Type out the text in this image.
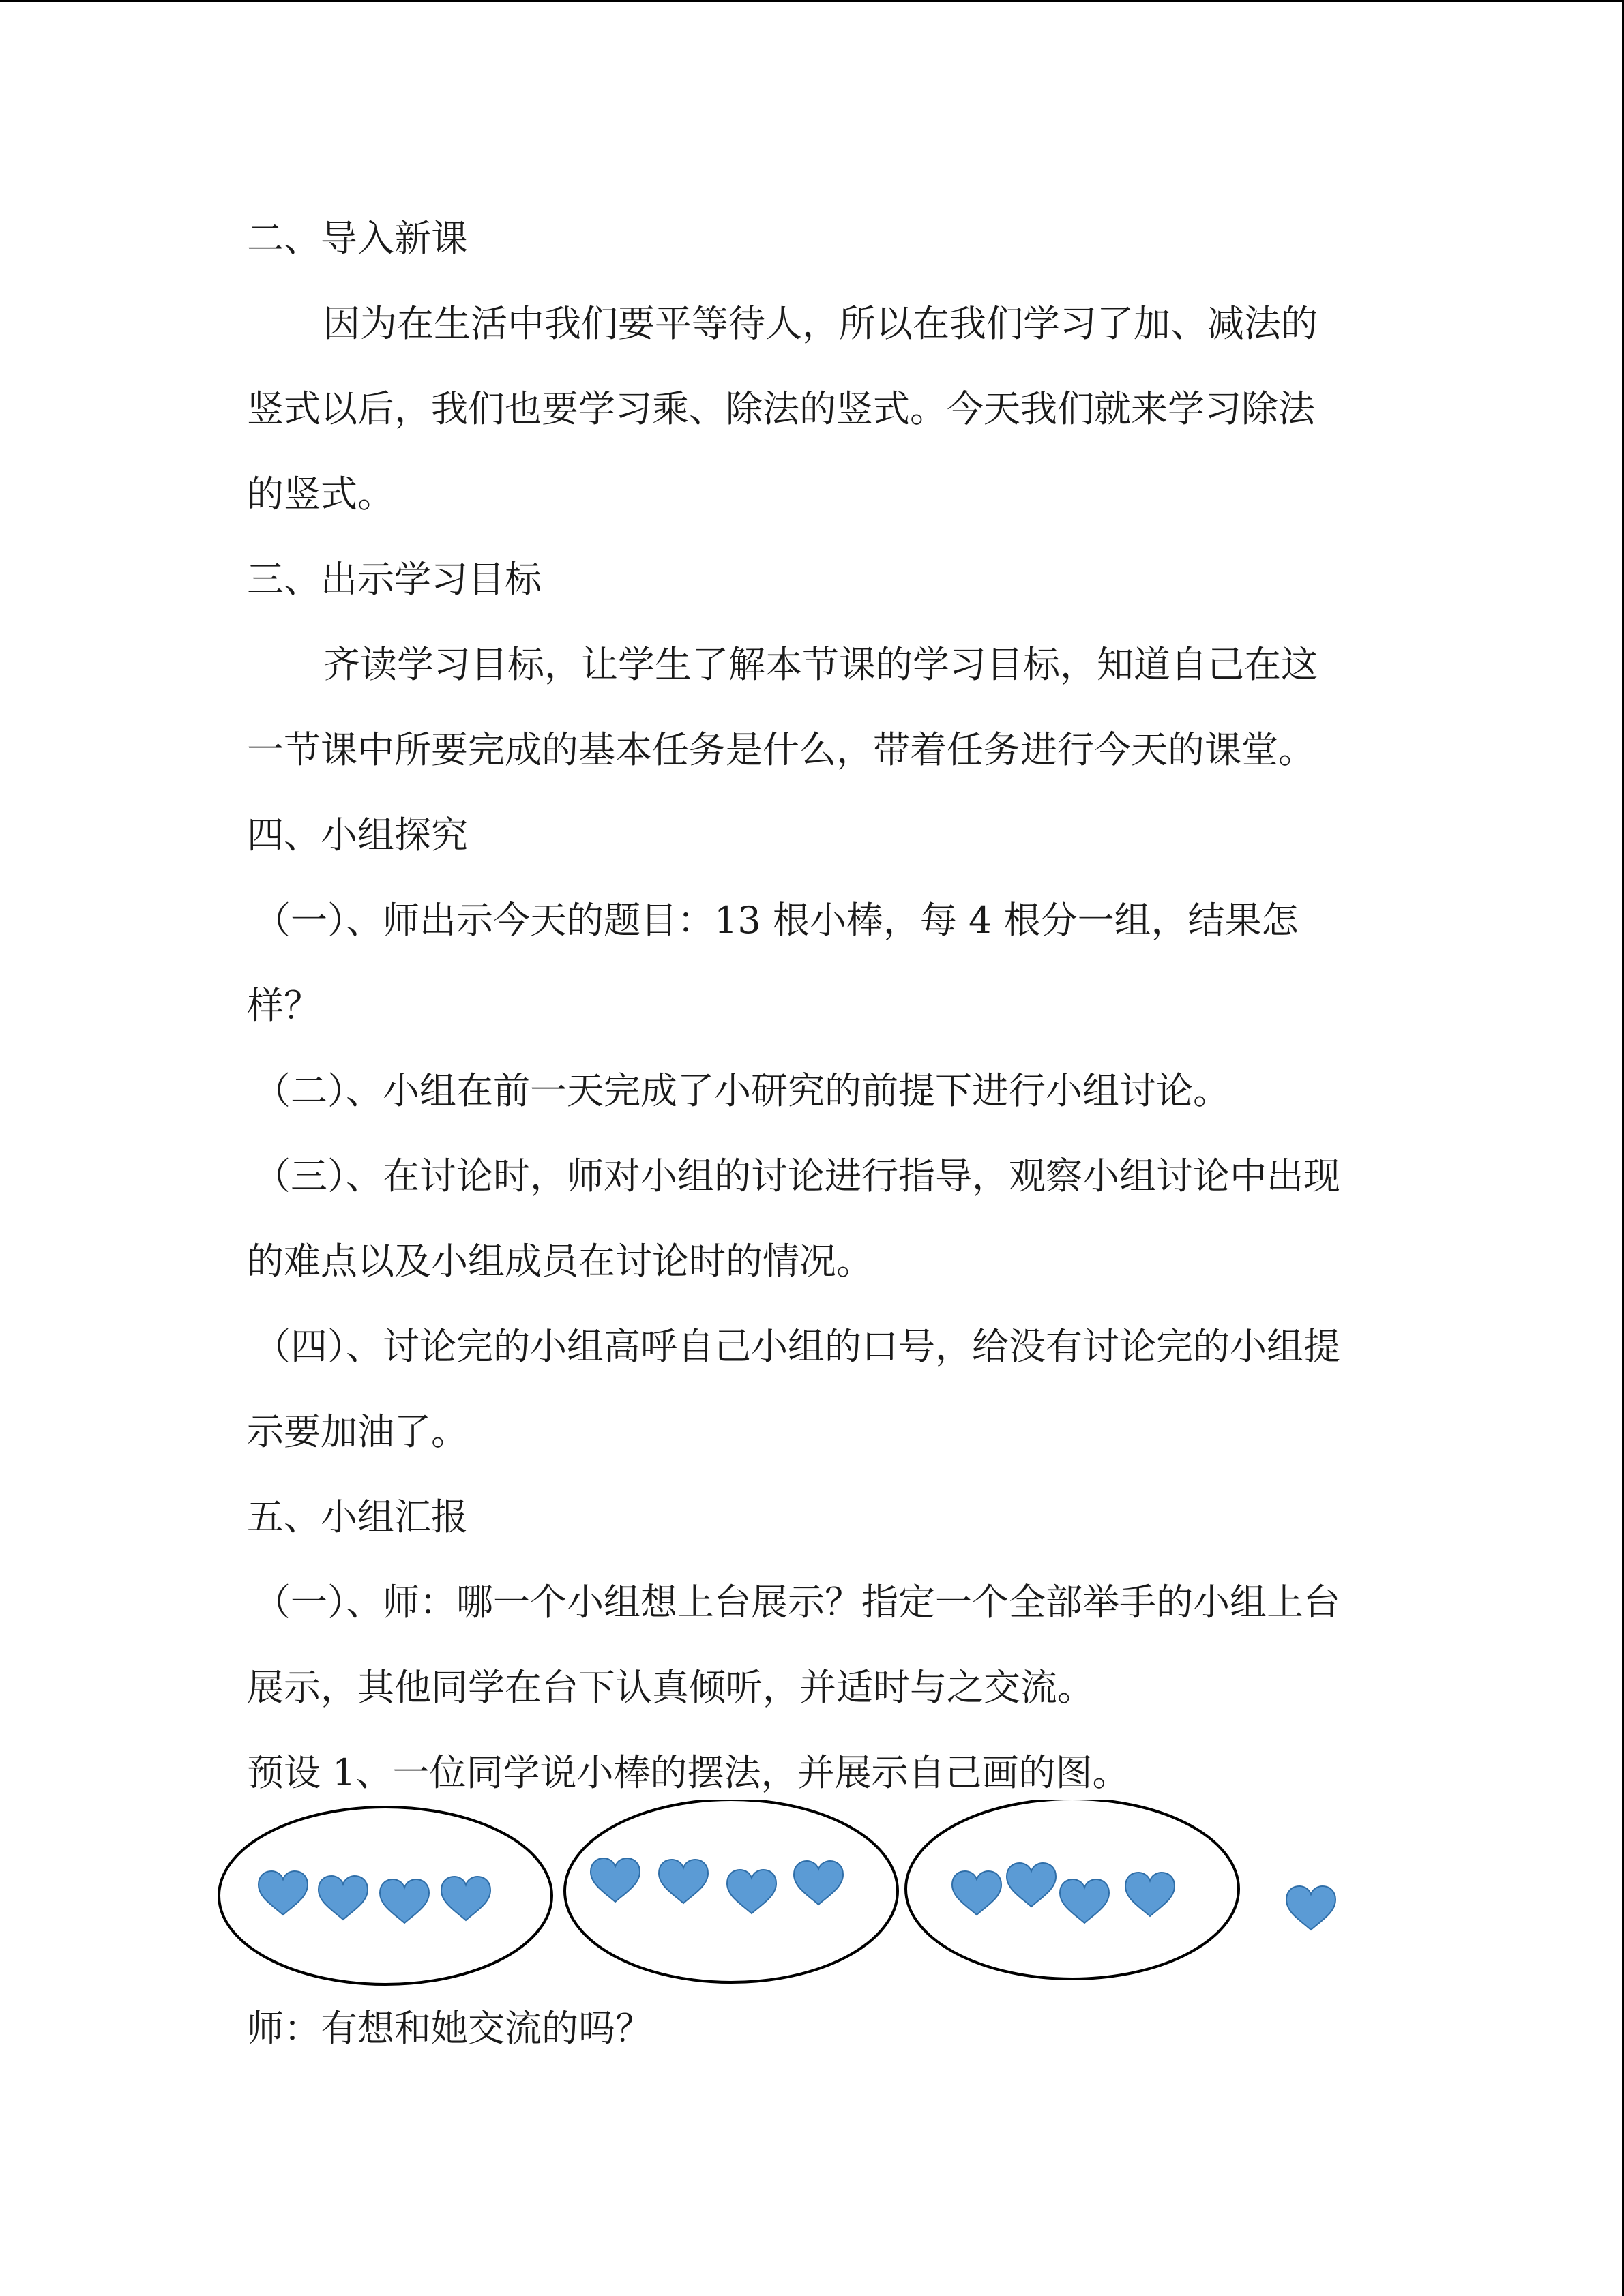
二、导入新课

因为在生活中我们要平等待人，所以在我们学习了加、减法的

竖式以后，我们也要学习乘、除法的竖式。今天我们就来学习除法

的竖式。

三、出示学习目标

齐读学习目标，让学生了解本节课的学习目标，知道自己在这

一节课中所要完成的基本任务是什么，带着任务进行今天的课堂。

四、小组探究

（一）、师出示今天的题目：13 根小棒，每 4 根分一组，结果怎

样？

（二）、小组在前一天完成了小研究的前提下进行小组讨论。

（三）、在讨论时，师对小组的讨论进行指导，观察小组讨论中出现

的难点以及小组成员在讨论时的情况。

（四）、讨论完的小组高呼自己小组的口号，给没有讨论完的小组提

示要加油了。

五、小组汇报

（一）、师：哪一个小组想上台展示？指定一个全部举手的小组上台

展示，其他同学在台下认真倾听，并适时与之交流。

预设 1、一位同学说小棒的摆法，并展示自己画的图。

师：有想和她交流的吗？
